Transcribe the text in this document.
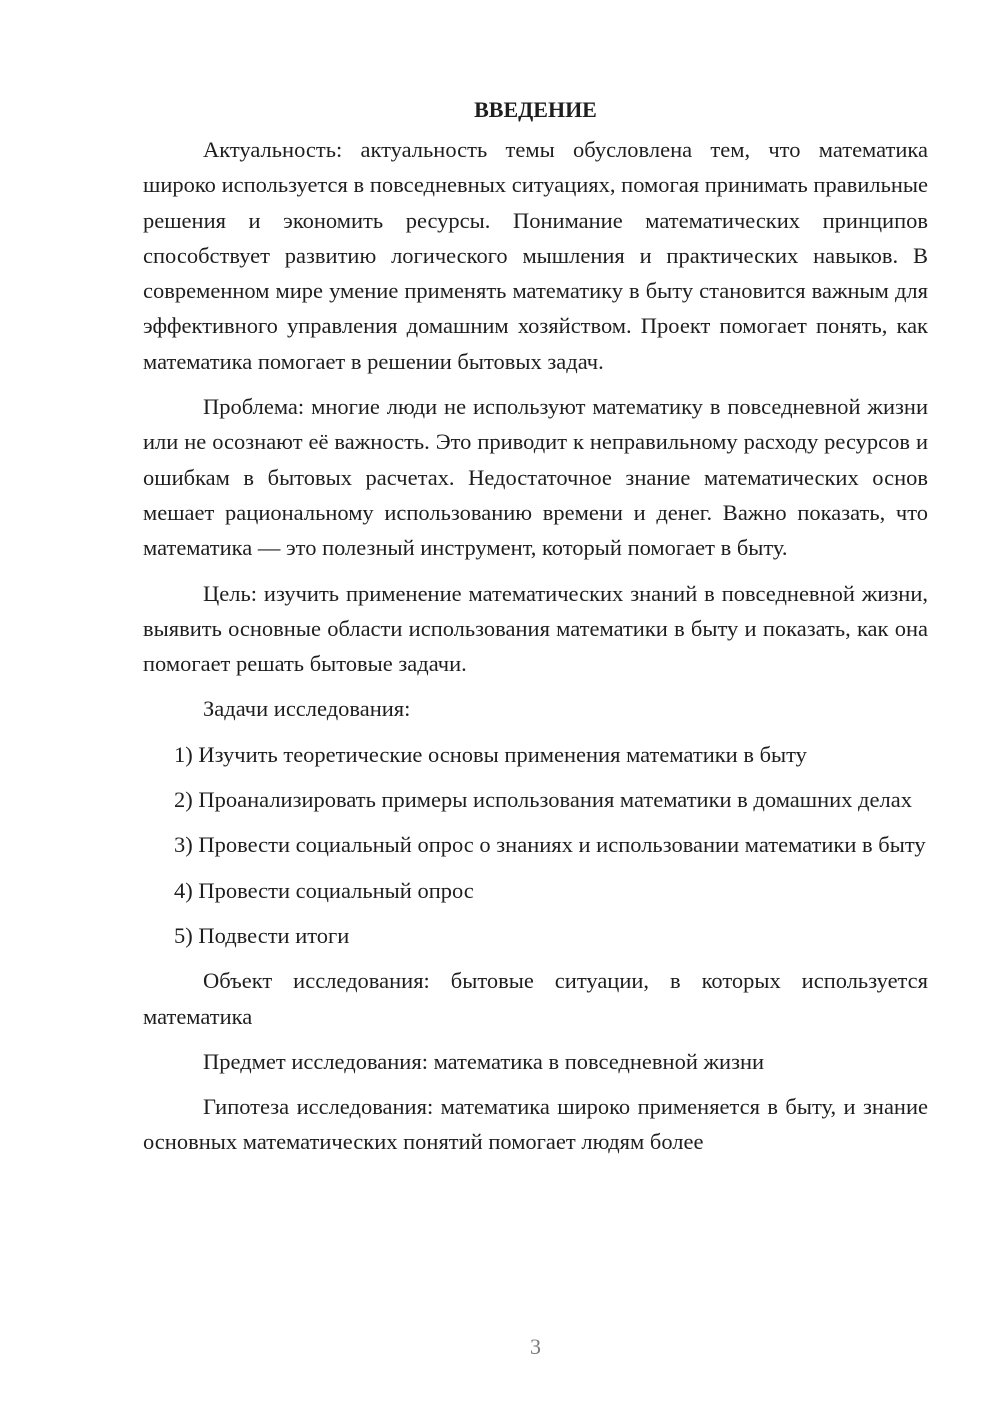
ВВЕДЕНИЕ

Актуальность: актуальность темы обусловлена тем, что математика широко используется в повседневных ситуациях, помогая принимать правильные решения и экономить ресурсы. Понимание математических принципов способствует развитию логического мышления и практических навыков. В современном мире умение применять математику в быту становится важным для эффективного управления домашним хозяйством. Проект помогает понять, как математика помогает в решении бытовых задач.

Проблема: многие люди не используют математику в повседневной жизни или не осознают её важность. Это приводит к неправильному расходу ресурсов и ошибкам в бытовых расчетах. Недостаточное знание математических основ мешает рациональному использованию времени и денег. Важно показать, что математика — это полезный инструмент, который помогает в быту.

Цель: изучить применение математических знаний в повседневной жизни, выявить основные области использования математики в быту и показать, как она помогает решать бытовые задачи.

Задачи исследования:

1) Изучить теоретические основы применения математики в быту

2) Проанализировать примеры использования математики в домашних делах

3) Провести социальный опрос о знаниях и использовании математики в быту

4) Провести социальный опрос

5) Подвести итоги

Объект исследования: бытовые ситуации, в которых используется математика

Предмет исследования: математика в повседневной жизни

Гипотеза исследования: математика широко применяется в быту, и знание основных математических понятий помогает людям более

3
